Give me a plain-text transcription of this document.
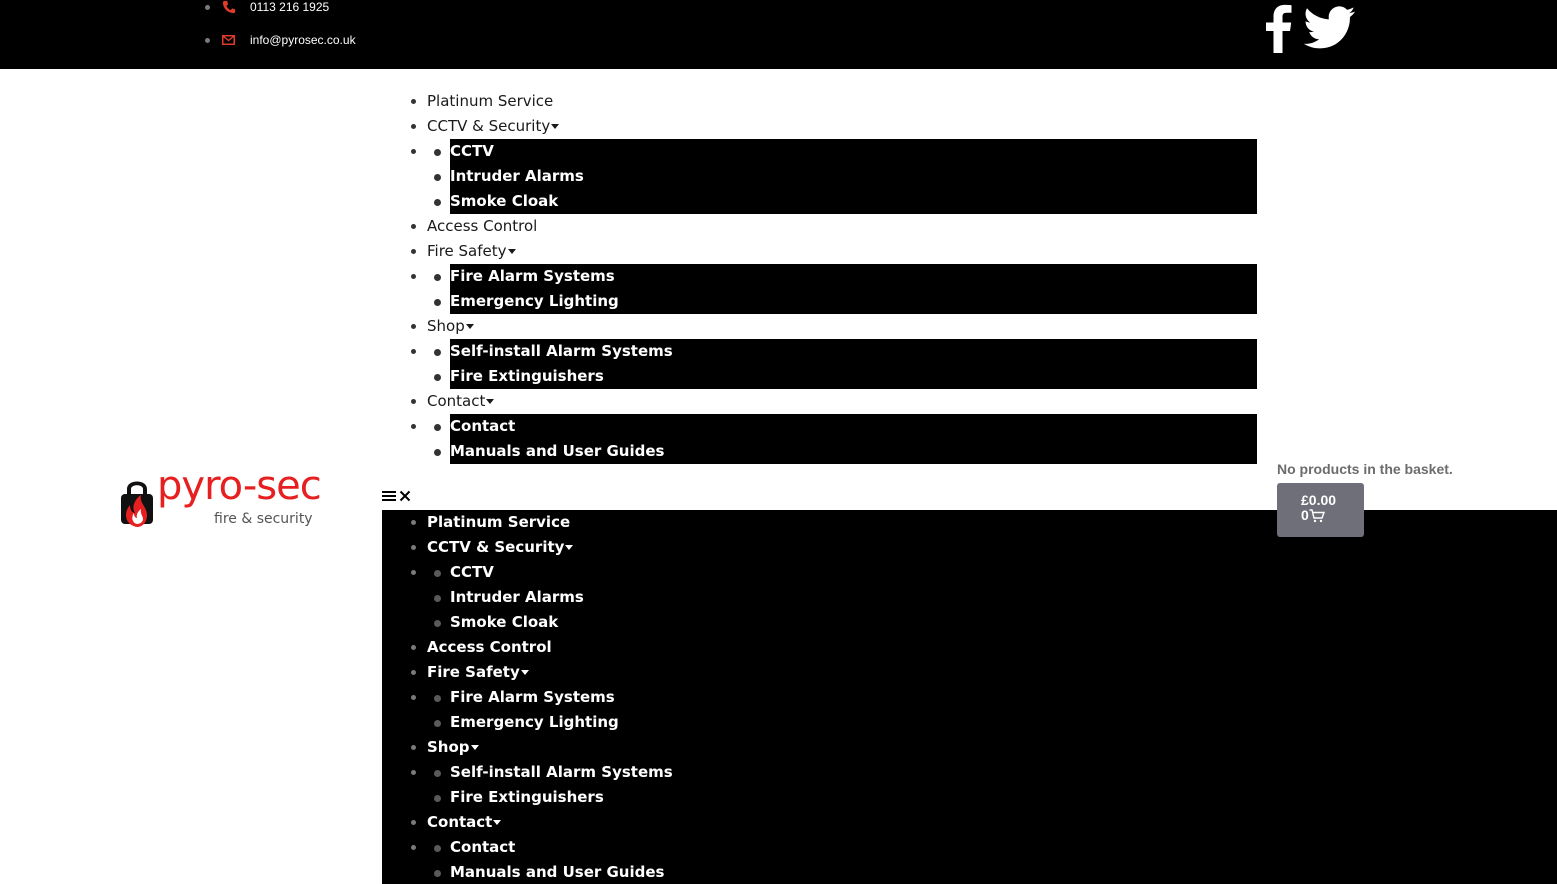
0113 216 1925
info@pyrosec.co.uk
Platinum Service
CCTV & Security
CCTV
Intruder Alarms
Smoke Cloak
Access Control
Fire Safety
Fire Alarm Systems
Emergency Lighting
Shop
Self-install Alarm Systems
Fire Extinguishers
Contact
Contact
Manuals and User Guides
pyro-sec
fire & security	Platinum Service
CCTV & Security
CCTV
Intruder Alarms
Smoke Cloak
Access Control
Fire Safety
Fire Alarm Systems
Emergency Lighting
Shop
Self-install Alarm Systems
Fire Extinguishers
Contact
Contact
Manuals and User Guides
No products in the basket.
£0.00
0
